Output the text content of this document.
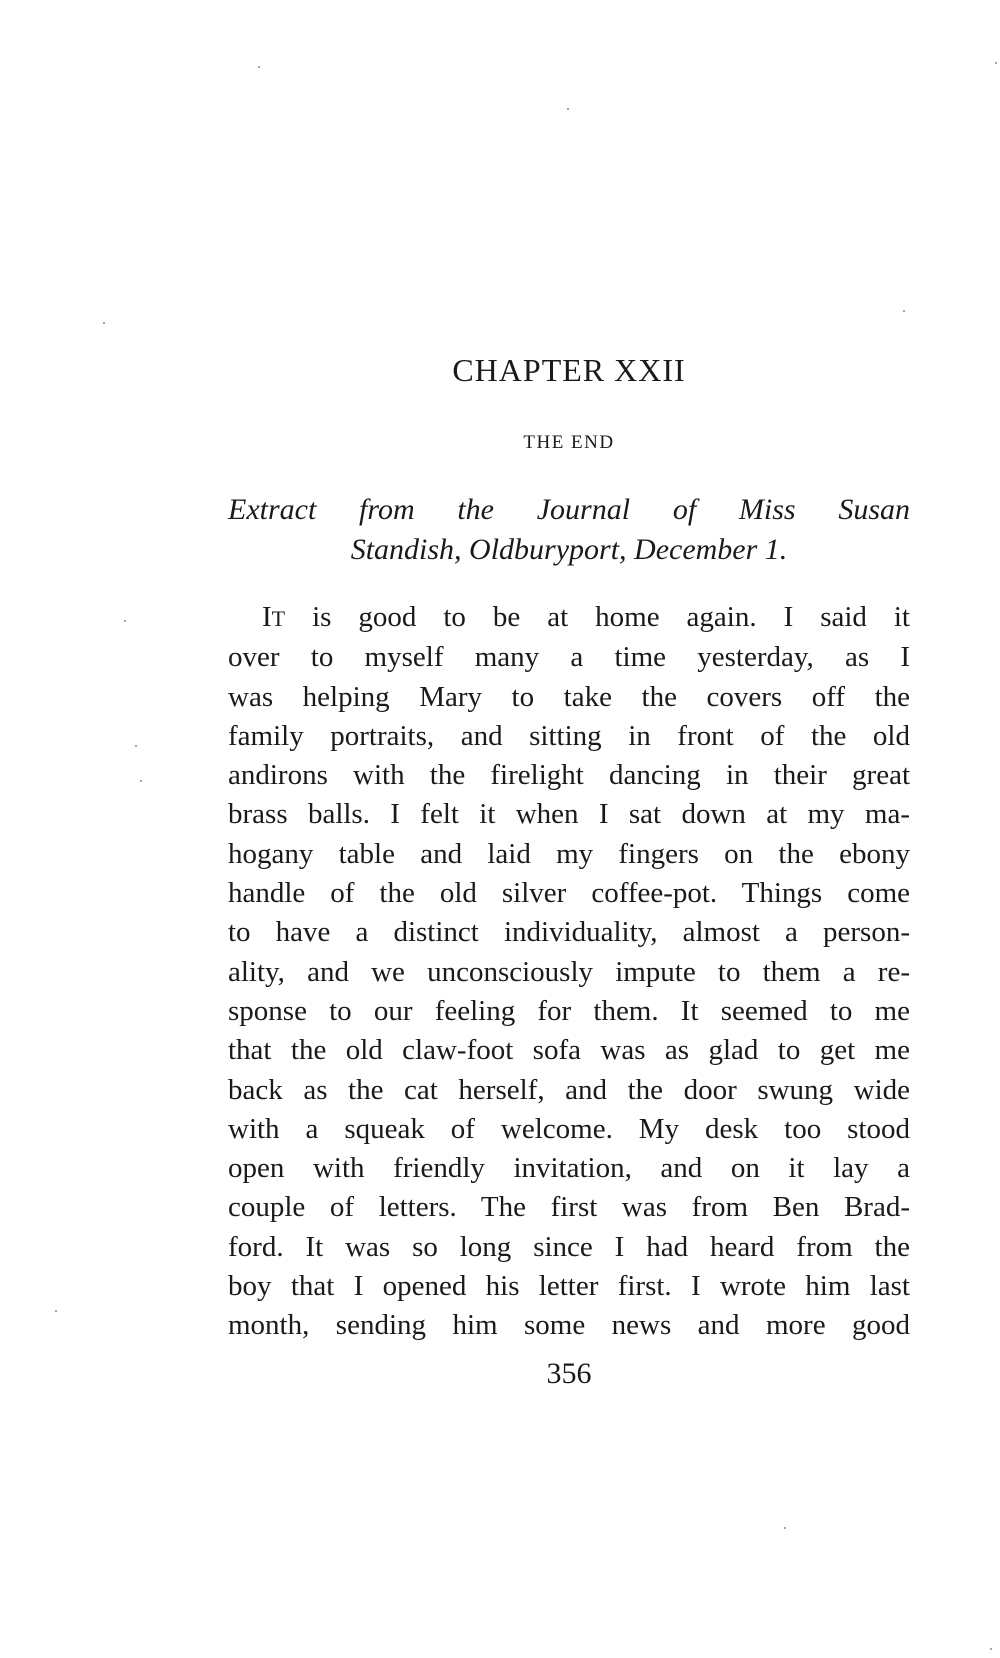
CHAPTER XXII
THE END

Extract from the Journal of Miss Susan
Standish, Oldburyport, December 1.

IT is good to be at home again. I said it
over to myself many a time yesterday, as I
was helping Mary to take the covers off the
family portraits, and sitting in front of the old
andirons with the firelight dancing in their great
brass balls. I felt it when I sat down at my ma-
hogany table and laid my fingers on the ebony
handle of the old silver coffee-pot. Things come
to have a distinct individuality, almost a person-
ality, and we unconsciously impute to them a re-
sponse to our feeling for them. It seemed to me
that the old claw-foot sofa was as glad to get me
back as the cat herself, and the door swung wide
with a squeak of welcome. My desk too stood
open with friendly invitation, and on it lay a
couple of letters. The first was from Ben Brad-
ford. It was so long since I had heard from the
boy that I opened his letter first. I wrote him last
month, sending him some news and more good

356
